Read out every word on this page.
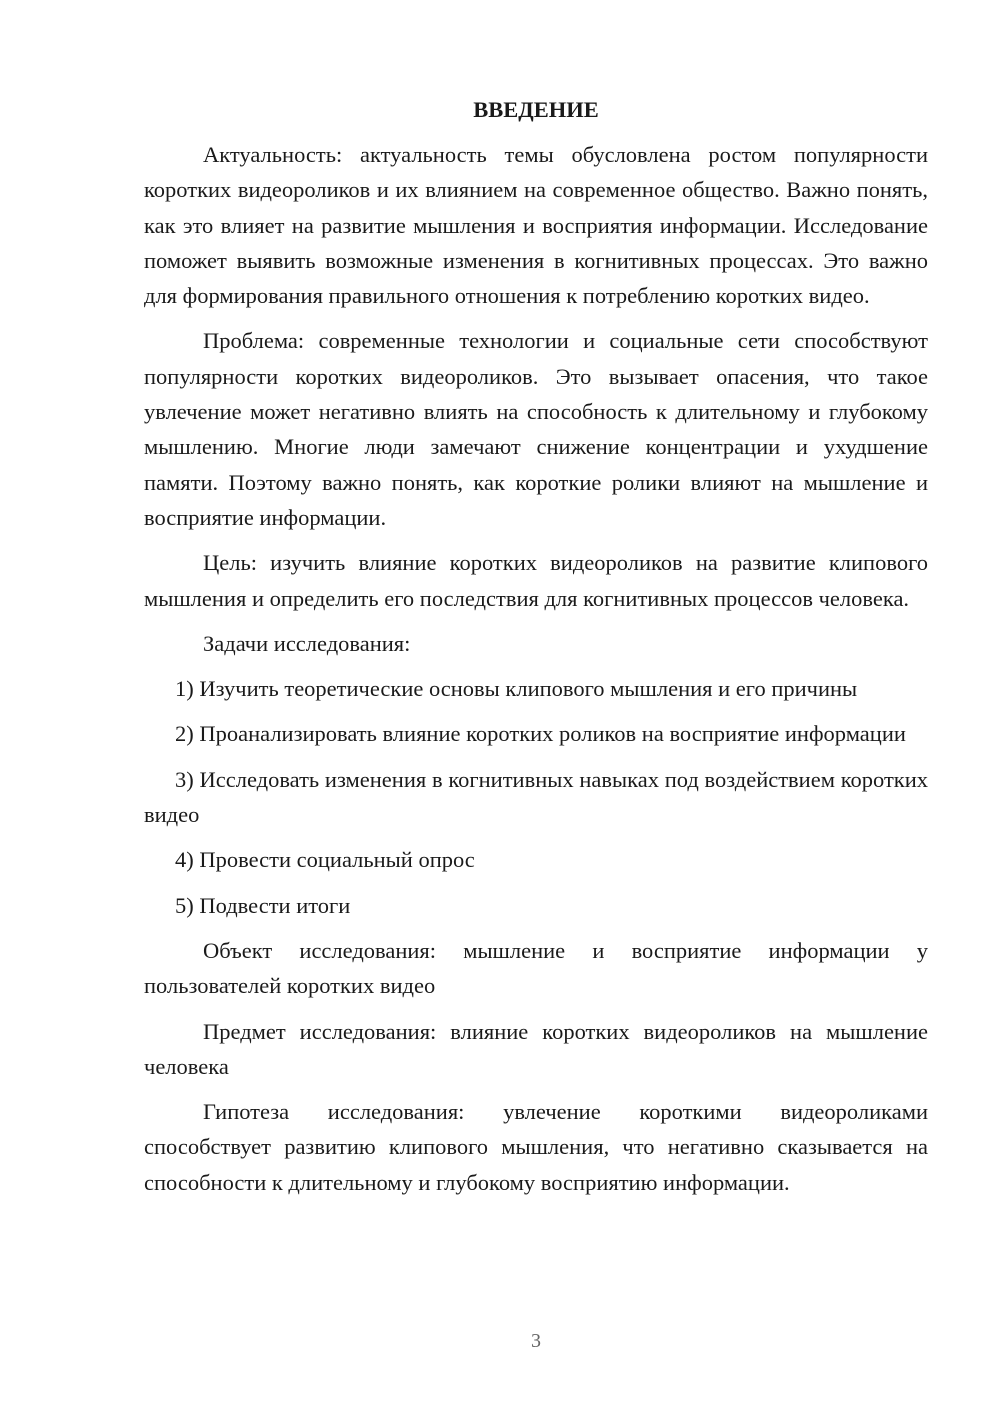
ВВЕДЕНИЕ

Актуальность: актуальность темы обусловлена ростом популярности коротких видеороликов и их влиянием на современное общество. Важно понять, как это влияет на развитие мышления и восприятия информации. Исследование поможет выявить возможные изменения в когнитивных процессах. Это важно для формирования правильного отношения к потреблению коротких видео.

Проблема: современные технологии и социальные сети способствуют популярности коротких видеороликов. Это вызывает опасения, что такое увлечение может негативно влиять на способность к длительному и глубокому мышлению. Многие люди замечают снижение концентрации и ухудшение памяти. Поэтому важно понять, как короткие ролики влияют на мышление и восприятие информации.

Цель: изучить влияние коротких видеороликов на развитие клипового мышления и определить его последствия для когнитивных процессов человека.

Задачи исследования:

1) Изучить теоретические основы клипового мышления и его причины

2) Проанализировать влияние коротких роликов на восприятие информации

3) Исследовать изменения в когнитивных навыках под воздействием коротких видео

4) Провести социальный опрос

5) Подвести итоги

Объект исследования: мышление и восприятие информации у пользователей коротких видео

Предмет исследования: влияние коротких видеороликов на мышление человека

Гипотеза исследования: увлечение короткими видеороликами способствует развитию клипового мышления, что негативно сказывается на способности к длительному и глубокому восприятию информации.

3
